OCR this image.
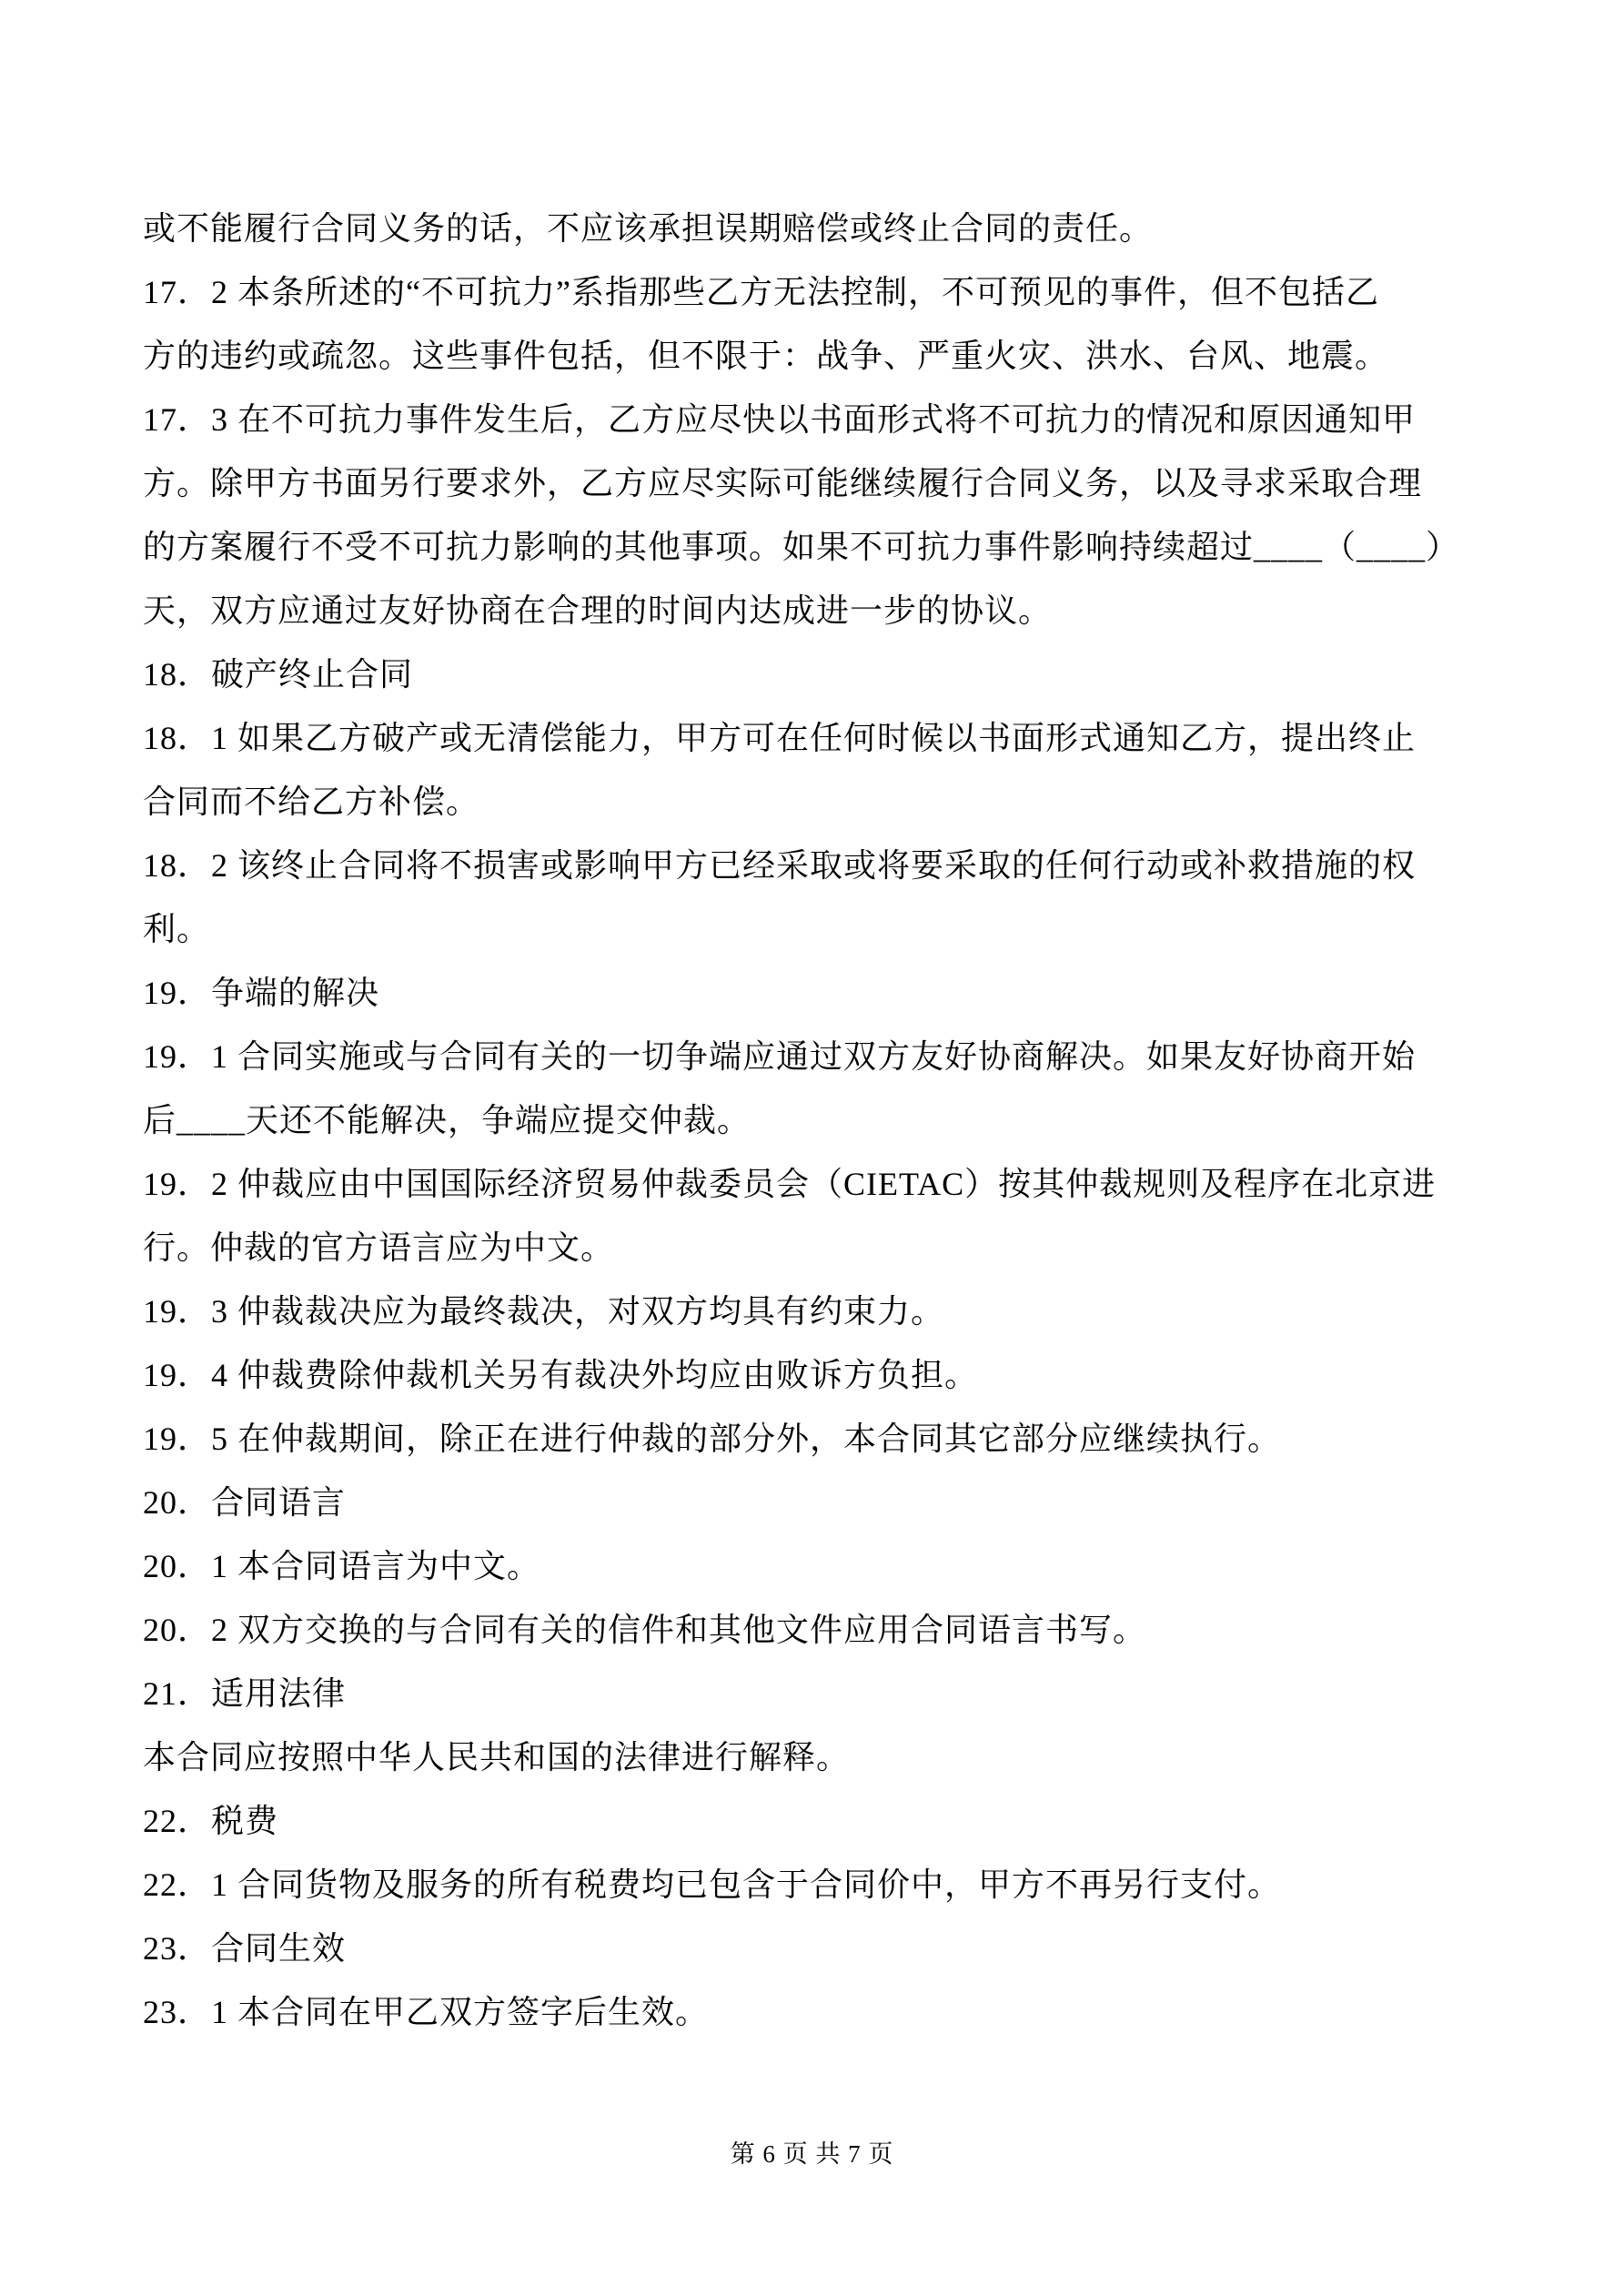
或不能履行合同义务的话，不应该承担误期赔偿或终止合同的责任。
17．2 本条所述的“不可抗力”系指那些乙方无法控制，不可预见的事件，但不包括乙
方的违约或疏忽。这些事件包括，但不限于：战争、严重火灾、洪水、台风、地震。
17．3 在不可抗力事件发生后，乙方应尽快以书面形式将不可抗力的情况和原因通知甲
方。除甲方书面另行要求外，乙方应尽实际可能继续履行合同义务，以及寻求采取合理
的方案履行不受不可抗力影响的其他事项。如果不可抗力事件影响持续超过____（____）
天，双方应通过友好协商在合理的时间内达成进一步的协议。
18．破产终止合同
18．1 如果乙方破产或无清偿能力，甲方可在任何时候以书面形式通知乙方，提出终止
合同而不给乙方补偿。
18．2 该终止合同将不损害或影响甲方已经采取或将要采取的任何行动或补救措施的权
利。
19．争端的解决
19．1 合同实施或与合同有关的一切争端应通过双方友好协商解决。如果友好协商开始
后____天还不能解决，争端应提交仲裁。
19．2 仲裁应由中国国际经济贸易仲裁委员会（CIETAC）按其仲裁规则及程序在北京进
行。仲裁的官方语言应为中文。
19．3 仲裁裁决应为最终裁决，对双方均具有约束力。
19．4 仲裁费除仲裁机关另有裁决外均应由败诉方负担。
19．5 在仲裁期间，除正在进行仲裁的部分外，本合同其它部分应继续执行。
20．合同语言
20．1 本合同语言为中文。
20．2 双方交换的与合同有关的信件和其他文件应用合同语言书写。
21．适用法律
本合同应按照中华人民共和国的法律进行解释。
22．税费
22．1 合同货物及服务的所有税费均已包含于合同价中，甲方不再另行支付。
23．合同生效
23．1 本合同在甲乙双方签字后生效。
第 6 页 共 7 页
